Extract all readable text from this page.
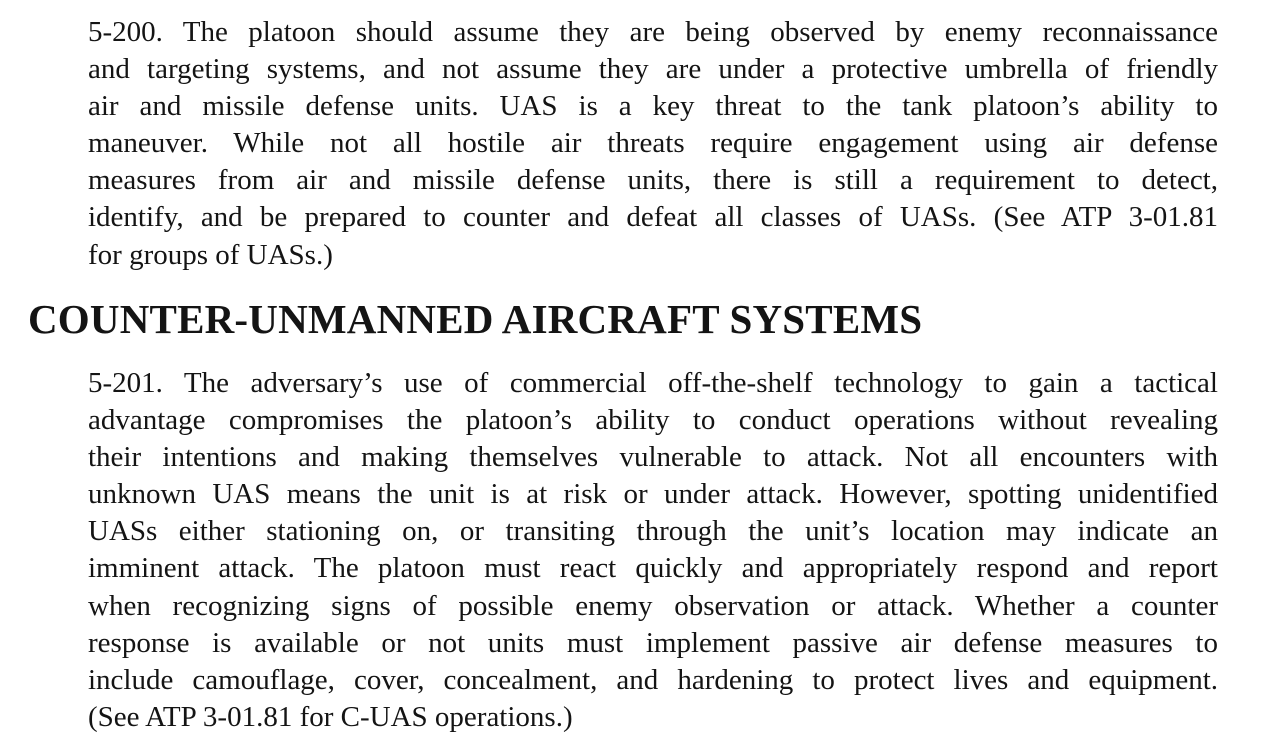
5-200. The platoon should assume they are being observed by enemy reconnaissance
and targeting systems, and not assume they are under a protective umbrella of friendly
air and missile defense units. UAS is a key threat to the tank platoon’s ability to
maneuver. While not all hostile air threats require engagement using air defense
measures from air and missile defense units, there is still a requirement to detect,
identify, and be prepared to counter and defeat all classes of UASs. (See ATP 3-01.81
for groups of UASs.)

COUNTER-UNMANNED AIRCRAFT SYSTEMS

5-201. The adversary’s use of commercial off-the-shelf technology to gain a tactical
advantage compromises the platoon’s ability to conduct operations without revealing
their intentions and making themselves vulnerable to attack. Not all encounters with
unknown UAS means the unit is at risk or under attack. However, spotting unidentified
UASs either stationing on, or transiting through the unit’s location may indicate an
imminent attack. The platoon must react quickly and appropriately respond and report
when recognizing signs of possible enemy observation or attack. Whether a counter
response is available or not units must implement passive air defense measures to
include camouflage, cover, concealment, and hardening to protect lives and equipment.
(See ATP 3-01.81 for C-UAS operations.)
